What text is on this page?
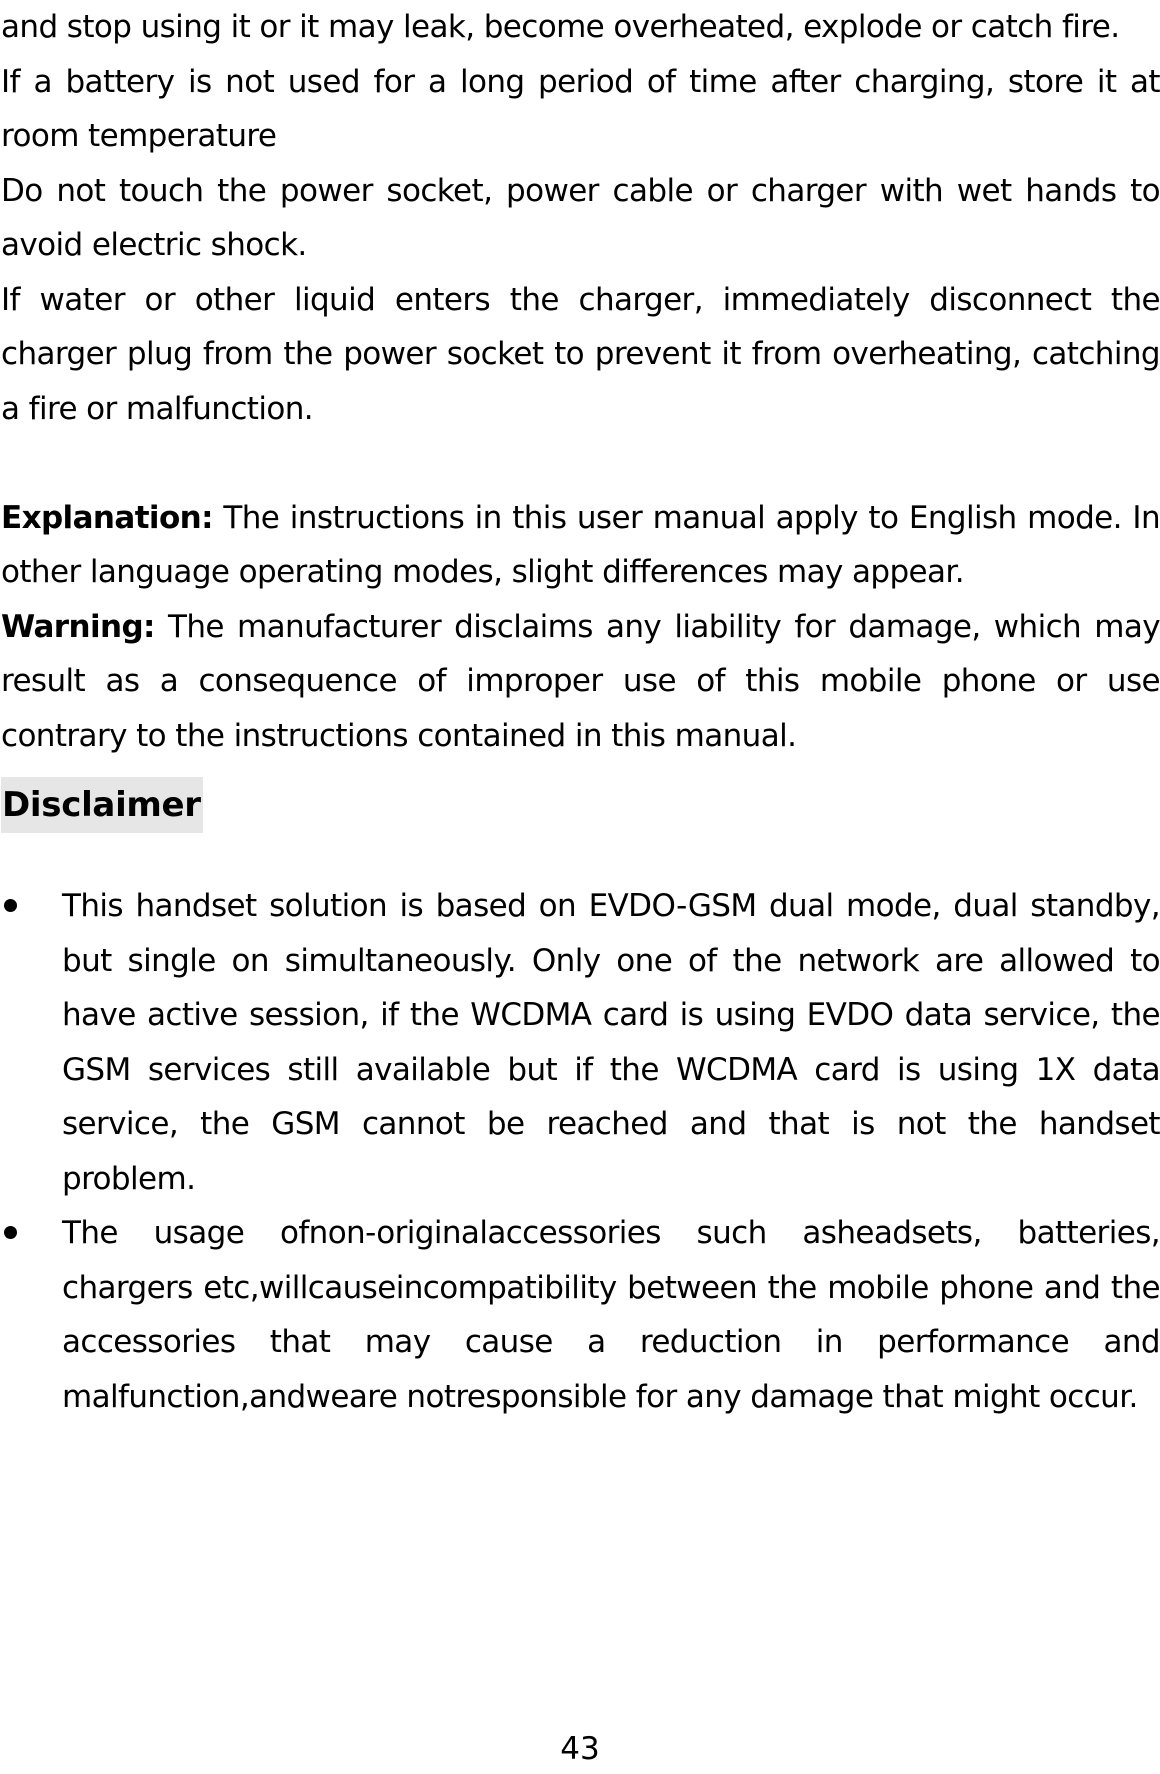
and stop using it or it may leak, become overheated, explode or catch fire.

If a battery is not used for a long period of time after charging, store it at room temperature

Do not touch the power socket, power cable or charger with wet hands to avoid electric shock.

If water or other liquid enters the charger, immediately disconnect the charger plug from the power socket to prevent it from overheating, catching a fire or malfunction.

Explanation: The instructions in this user manual apply to English mode. In other language operating modes, slight differences may appear.

Warning: The manufacturer disclaims any liability for damage, which may result as a consequence of improper use of this mobile phone or use contrary to the instructions contained in this manual.

Disclaimer
This handset solution is based on EVDO-GSM dual mode, dual standby, but single on simultaneously. Only one of the network are allowed to have active session, if the WCDMA card is using EVDO data service, the GSM services still available but if the WCDMA card is using 1X data service, the GSM cannot be reached and that is not the handset problem.
The usage ofnon-originalaccessories such asheadsets, batteries, chargers etc,willcauseincompatibility between the mobile phone and the accessories that may cause a reduction in performance and malfunction,andweare notresponsible for any damage that might occur.
43
